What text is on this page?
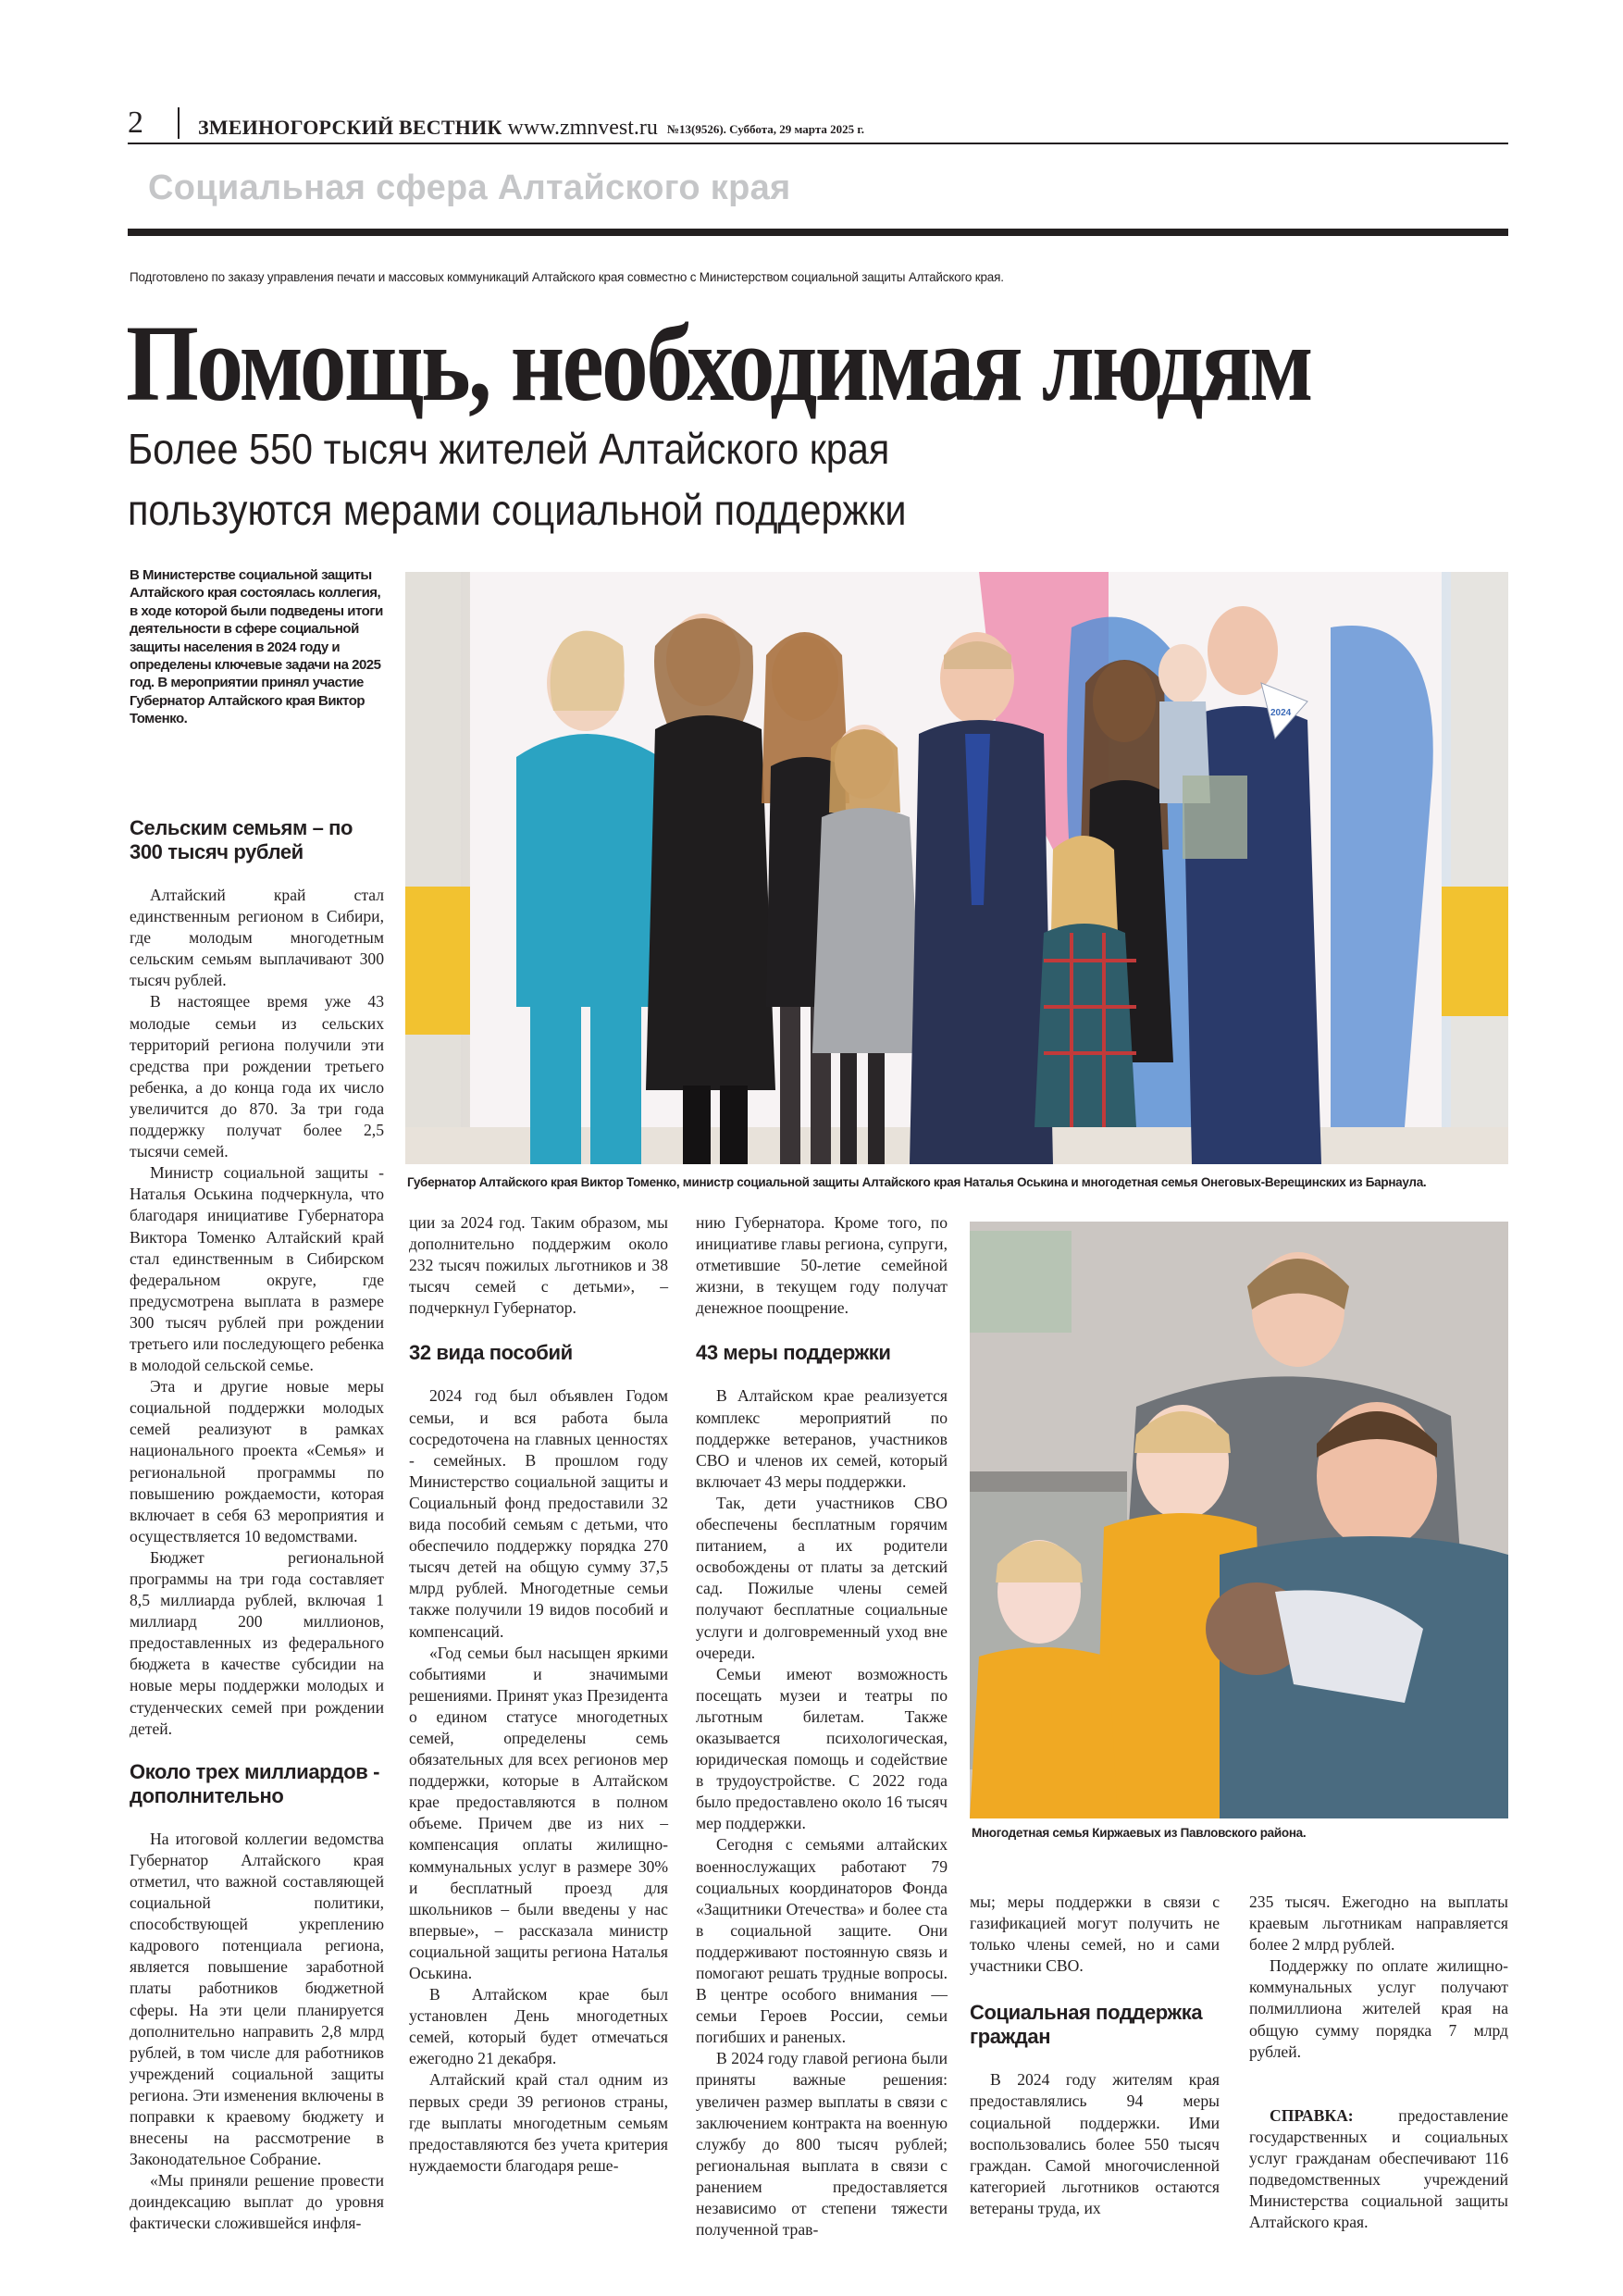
2	ЗМЕИНОГОРСКИЙ ВЕСТНИК www.zmnvest.ru №13(9526). Суббота, 29 марта 2025 г.
Социальная сфера Алтайского края
Подготовлено по заказу управления печати и массовых коммуникаций Алтайского края совместно с Министерством социальной защиты Алтайского края.
Помощь, необходимая людям
Более 550 тысяч жителей Алтайского края
пользуются мерами социальной поддержки
В Министерстве социальной защиты Алтайского края состоялась коллегия, в ходе которой были подведены итоги деятельности в сфере социальной защиты населения в 2024 году и определены ключевые задачи на 2025 год. В мероприятии принял участие Губернатор Алтайского края Виктор Томенко.	2024
Губернатор Алтайского края Виктор Томенко, министр социальной защиты Алтайского края Наталья Оськина и многодетная семья Онеговых-Верещинских из Барнаула.
Сельским семьям – по 300 тысяч рублей

Алтайский край стал единственным регионом в Сибири, где молодым многодетным сельским семьям выплачивают 300 тысяч рублей.

В настоящее время уже 43 молодые семьи из сельских территорий региона получили эти средства при рождении третьего ребенка, а до конца года их число увеличится до 870. За три года поддержку получат более 2,5 тысячи семей.

Министр социальной защиты - Наталья Оськина подчеркнула, что благодаря инициативе Губернатора Виктора Томенко Алтайский край стал единственным в Сибирском федеральном округе, где предусмотрена выплата в размере 300 тысяч рублей при рождении третьего или последующего ребенка в молодой сельской семье.

Эта и другие новые меры социальной поддержки молодых семей реализуют в рамках национального проекта «Семья» и региональной программы по повышению рождаемости, которая включает в себя 63 мероприятия и осуществляется 10 ведомствами.

Бюджет региональной программы на три года составляет 8,5 миллиарда рублей, включая 1 миллиард 200 миллионов, предоставленных из федерального бюджета в качестве субсидии на новые меры поддержки молодых и студенческих семей при рождении детей.

Около трех миллиардов - дополнительно

На итоговой коллегии ведомства Губернатор Алтайского края отметил, что важной составляющей социальной политики, способствующей укреплению кадрового потенциала региона, является повышение заработной платы работников бюджетной сферы. На эти цели планируется дополнительно направить 2,8 млрд рублей, в том числе для работников учреждений социальной защиты региона. Эти изменения включены в поправки к краевому бюджету и внесены на рассмотрение в Законодательное Собрание.

«Мы приняли решение провести доиндексацию выплат до уровня фактически сложившейся инфля-

ции за 2024 год. Таким образом, мы дополнительно поддержим около 232 тысяч пожилых льготников и 38 тысяч семей с детьми», – подчеркнул Губернатор.

32 вида пособий

2024 год был объявлен Годом семьи, и вся работа была сосредоточена на главных ценностях - семейных. В прошлом году Министерство социальной защиты и Социальный фонд предоставили 32 вида пособий семьям с детьми, что обеспечило поддержку порядка 270 тысяч детей на общую сумму 37,5 млрд рублей. Многодетные семьи также получили 19 видов пособий и компенсаций.

«Год семьи был насыщен яркими событиями и значимыми решениями. Принят указ Президента о едином статусе многодетных семей, определены семь обязательных для всех регионов мер поддержки, которые в Алтайском крае предоставляются в полном объеме. Причем две из них – компенсация оплаты жилищно-коммунальных услуг в размере 30% и бесплатный проезд для школьников – были введены у нас впервые», – рассказала министр социальной защиты региона Наталья Оськина.

В Алтайском крае был установлен День многодетных семей, который будет отмечаться ежегодно 21 декабря.

Алтайский край стал одним из первых среди 39 регионов страны, где выплаты многодетным семьям предоставляются без учета критерия нуждаемости благодаря реше-

нию Губернатора. Кроме того, по инициативе главы региона, супруги, отметившие 50-летие семейной жизни, в текущем году получат денежное поощрение.

43 меры поддержки

В Алтайском крае реализуется комплекс мероприятий по поддержке ветеранов, участников СВО и членов их семей, который включает 43 меры поддержки.

Так, дети участников СВО обеспечены бесплатным горячим питанием, а их родители освобождены от платы за детский сад. Пожилые члены семей получают бесплатные социальные услуги и долговременный уход вне очереди.

Семьи имеют возможность посещать музеи и театры по льготным билетам. Также оказывается психологическая, юридическая помощь и содействие в трудоустройстве. С 2022 года было предоставлено около 16 тысяч мер поддержки.

Сегодня с семьями алтайских военнослужащих работают 79 социальных координаторов Фонда «Защитники Отечества» и более ста в социальной защите. Они поддерживают постоянную связь и помогают решать трудные вопросы. В центре особого внимания — семьи Героев России, семьи погибших и раненых.

В 2024 году главой региона были приняты важные решения: увеличен размер выплаты в связи с заключением контракта на военную службу до 800 тысяч рублей; региональная выплата в связи с ранением предоставляется независимо от степени тяжести полученной трав-

Многодетная семья Киржаевых из Павловского района.

мы; меры поддержки в связи с газификацией могут получить не только члены семей, но и сами участники СВО.

Социальная поддержка граждан

В 2024 году жителям края предоставлялись 94 меры социальной поддержки. Ими воспользовались более 550 тысяч граждан. Самой многочисленной категорией льготников остаются ветераны труда, их

235 тысяч. Ежегодно на выплаты краевым льготникам направляется более 2 млрд рублей.

Поддержку по оплате жилищно-коммунальных услуг получают полмиллиона жителей края на общую сумму порядка 7 млрд рублей.

СПРАВКА: предоставление государственных и социальных услуг гражданам обеспечивают 116 подведомственных учреждений Министерства социальной защиты Алтайского края.
